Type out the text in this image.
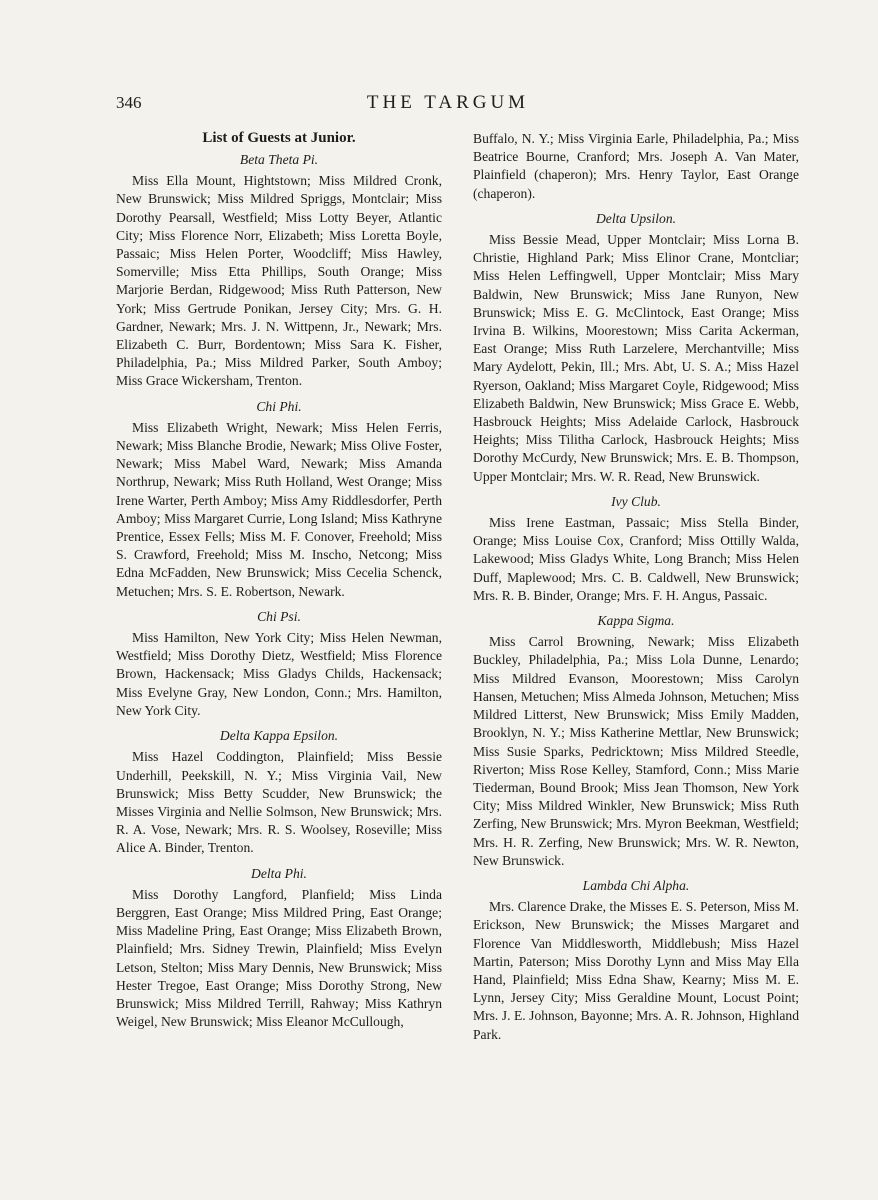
346	THE TARGUM
List of Guests at Junior.
Beta Theta Pi.

Miss Ella Mount, Hightstown; Miss Mildred Cronk, New Brunswick; Miss Mildred Spriggs, Montclair; Miss Dorothy Pearsall, Westfield; Miss Lotty Beyer, Atlantic City; Miss Florence Norr, Elizabeth; Miss Loretta Boyle, Passaic; Miss Helen Porter, Woodcliff; Miss Hawley, Somerville; Miss Etta Phillips, South Orange; Miss Marjorie Berdan, Ridgewood; Miss Ruth Patterson, New York; Miss Gertrude Ponikan, Jersey City; Mrs. G. H. Gardner, Newark; Mrs. J. N. Wittpenn, Jr., Newark; Mrs. Elizabeth C. Burr, Bordentown; Miss Sara K. Fisher, Philadelphia, Pa.; Miss Mildred Parker, South Amboy; Miss Grace Wickersham, Trenton.

Chi Phi.

Miss Elizabeth Wright, Newark; Miss Helen Ferris, Newark; Miss Blanche Brodie, Newark; Miss Olive Foster, Newark; Miss Mabel Ward, Newark; Miss Amanda Northrup, Newark; Miss Ruth Holland, West Orange; Miss Irene Warter, Perth Amboy; Miss Amy Riddlesdorfer, Perth Amboy; Miss Margaret Currie, Long Island; Miss Kathryne Prentice, Essex Fells; Miss M. F. Conover, Freehold; Miss S. Crawford, Freehold; Miss M. Inscho, Netcong; Miss Edna McFadden, New Brunswick; Miss Cecelia Schenck, Metuchen; Mrs. S. E. Robertson, Newark.

Chi Psi.

Miss Hamilton, New York City; Miss Helen Newman, Westfield; Miss Dorothy Dietz, Westfield; Miss Florence Brown, Hackensack; Miss Gladys Childs, Hackensack; Miss Evelyne Gray, New London, Conn.; Mrs. Hamilton, New York City.

Delta Kappa Epsilon.

Miss Hazel Coddington, Plainfield; Miss Bessie Underhill, Peekskill, N. Y.; Miss Virginia Vail, New Brunswick; Miss Betty Scudder, New Brunswick; the Misses Virginia and Nellie Solmson, New Brunswick; Mrs. R. A. Vose, Newark; Mrs. R. S. Woolsey, Roseville; Miss Alice A. Binder, Trenton.

Delta Phi.

Miss Dorothy Langford, Planfield; Miss Linda Berggren, East Orange; Miss Mildred Pring, East Orange; Miss Madeline Pring, East Orange; Miss Elizabeth Brown, Plainfield; Mrs. Sidney Trewin, Plainfield; Miss Evelyn Letson, Stelton; Miss Mary Dennis, New Brunswick; Miss Hester Tregoe, East Orange; Miss Dorothy Strong, New Brunswick; Miss Mildred Terrill, Rahway; Miss Kathryn Weigel, New Brunswick; Miss Eleanor McCullough,

Buffalo, N. Y.; Miss Virginia Earle, Philadelphia, Pa.; Miss Beatrice Bourne, Cranford; Mrs. Joseph A. Van Mater, Plainfield (chaperon); Mrs. Henry Taylor, East Orange (chaperon).

Delta Upsilon.

Miss Bessie Mead, Upper Montclair; Miss Lorna B. Christie, Highland Park; Miss Elinor Crane, Montcliar; Miss Helen Leffingwell, Upper Montclair; Miss Mary Baldwin, New Brunswick; Miss Jane Runyon, New Brunswick; Miss E. G. McClintock, East Orange; Miss Irvina B. Wilkins, Moorestown; Miss Carita Ackerman, East Orange; Miss Ruth Larzelere, Merchantville; Miss Mary Aydelott, Pekin, Ill.; Mrs. Abt, U. S. A.; Miss Hazel Ryerson, Oakland; Miss Margaret Coyle, Ridgewood; Miss Elizabeth Baldwin, New Brunswick; Miss Grace E. Webb, Hasbrouck Heights; Miss Adelaide Carlock, Hasbrouck Heights; Miss Tilitha Carlock, Hasbrouck Heights; Miss Dorothy McCurdy, New Brunswick; Mrs. E. B. Thompson, Upper Montclair; Mrs. W. R. Read, New Brunswick.

Ivy Club.

Miss Irene Eastman, Passaic; Miss Stella Binder, Orange; Miss Louise Cox, Cranford; Miss Ottilly Walda, Lakewood; Miss Gladys White, Long Branch; Miss Helen Duff, Maplewood; Mrs. C. B. Caldwell, New Brunswick; Mrs. R. B. Binder, Orange; Mrs. F. H. Angus, Passaic.

Kappa Sigma.

Miss Carrol Browning, Newark; Miss Elizabeth Buckley, Philadelphia, Pa.; Miss Lola Dunne, Lenardo; Miss Mildred Evanson, Moorestown; Miss Carolyn Hansen, Metuchen; Miss Almeda Johnson, Metuchen; Miss Mildred Litterst, New Brunswick; Miss Emily Madden, Brooklyn, N. Y.; Miss Katherine Mettlar, New Brunswick; Miss Susie Sparks, Pedricktown; Miss Mildred Steedle, Riverton; Miss Rose Kelley, Stamford, Conn.; Miss Marie Tiederman, Bound Brook; Miss Jean Thomson, New York City; Miss Mildred Winkler, New Brunswick; Miss Ruth Zerfing, New Brunswick; Mrs. Myron Beekman, Westfield; Mrs. H. R. Zerfing, New Brunswick; Mrs. W. R. Newton, New Brunswick.

Lambda Chi Alpha.

Mrs. Clarence Drake, the Misses E. S. Peterson, Miss M. Erickson, New Brunswick; the Misses Margaret and Florence Van Middlesworth, Middlebush; Miss Hazel Martin, Paterson; Miss Dorothy Lynn and Miss May Ella Hand, Plainfield; Miss Edna Shaw, Kearny; Miss M. E. Lynn, Jersey City; Miss Geraldine Mount, Locust Point; Mrs. J. E. Johnson, Bayonne; Mrs. A. R. Johnson, Highland Park.
